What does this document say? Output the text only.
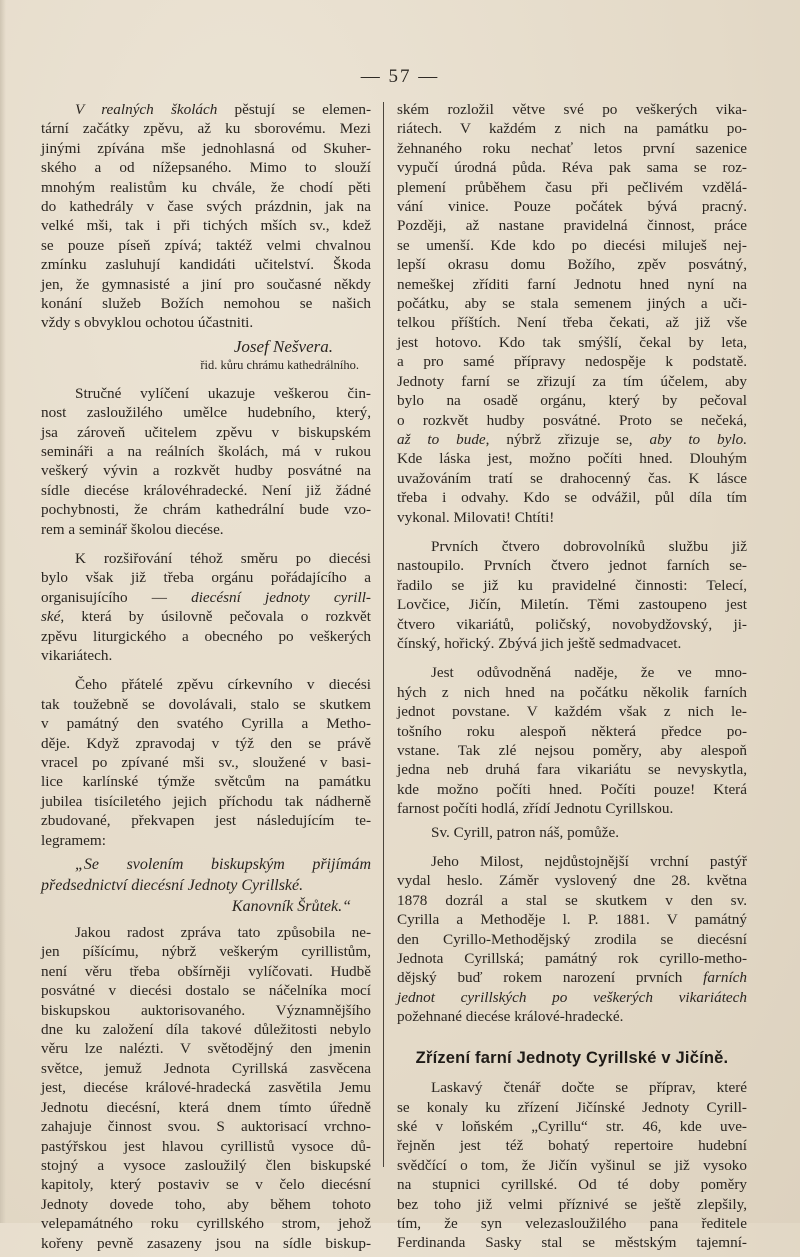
— 57 —

V realných školách pěstují se elemen-
tární začátky zpěvu, až ku sborovému. Mezi
jinými zpívána mše jednohlasná od Skuher-
ského a od nížepsaného. Mimo to slouží
mnohým realistům ku chvále, že chodí pěti
do kathedrály v čase svých prázdnin, jak na
velké mši, tak i při tichých mších sv., kdež
se pouze píseň zpívá; taktéž velmi chvalnou
zmínku zasluhují kandidáti učitelství. Škoda
jen, že gymnasisté a jiní pro současné někdy
konání služeb Božích nemohou se našich
vždy s obvyklou ochotou účastniti.

Josef Nešvera.
řid. kůru chrámu kathedrálního.

Stručné vylíčení ukazuje veškerou čin-
nost zasloužilého umělce hudebního, který,
jsa zároveň učitelem zpěvu v biskupském
semináři a na reálních školách, má v rukou
veškerý vývin a rozkvět hudby posvátné na
sídle diecése královéhradecké. Není již žádné
pochybnosti, že chrám kathedrální bude vzo-
rem a seminář školou diecése.

K rozšiřování téhož směru po diecési
bylo však již třeba orgánu pořádajícího a
organisujícího — diecésní jednoty cyrill-
ské, která by úsilovně pečovala o rozkvět
zpěvu liturgického a obecného po veškerých
vikariátech.

Čeho přátelé zpěvu církevního v diecési
tak toužebně se dovolávali, stalo se skutkem
v památný den svatého Cyrilla a Metho-
děje. Když zpravodaj v týž den se právě
vracel po zpívané mši sv., sloužené v basi-
lice karlínské týmže světcům na památku
jubilea tisíciletého jejich příchodu tak nádherně
zbudované, překvapen jest následujícím te-
legramem:

„Se svolením biskupským přijímám
předsednictví diecésní Jednoty Cyrillské.
Kanovník Šrůtek.“

Jakou radost zpráva tato způsobila ne-
jen píšícímu, nýbrž veškerým cyrillistům,
není věru třeba obšírněji vylíčovati. Hudbě
posvátné v diecési dostalo se náčelníka mocí
biskupskou auktorisovaného. Významnějšího
dne ku založení díla takové důležitosti nebylo
věru lze nalézti. V světodějný den jmenin
světce, jemuž Jednota Cyrillská zasvěcena
jest, diecése králové-hradecká zasvětila Jemu
Jednotu diecésní, která dnem tímto úředně
zahajuje činnost svou. S auktorisací vrchno-
pastýřskou jest hlavou cyrillistů vysoce dů-
stojný a vysoce zasloužilý člen biskupské
kapitoly, který postaviv se v čelo diecésní
Jednoty dovede toho, aby během tohoto
velepamátného roku cyrillského strom, jehož
kořeny pevně zasazeny jsou na sídle biskup-

ském rozložil větve své po veškerých vika-
riátech. V každém z nich na památku po-
žehnaného roku nechať letos první sazenice
vypučí úrodná půda. Réva pak sama se roz-
plemení průběhem času při pečlivém vzdělá-
vání vinice. Pouze počátek bývá pracný.
Později, až nastane pravidelná činnost, práce
se umenší. Kde kdo po diecési miluješ nej-
lepší okrasu domu Božího, zpěv posvátný,
nemeškej zříditi farní Jednotu hned nyní na
počátku, aby se stala semenem jiných a uči-
telkou příštích. Není třeba čekati, až již vše
jest hotovo. Kdo tak smýšlí, čekal by leta,
a pro samé přípravy nedospěje k podstatě.
Jednoty farní se zřizují za tím účelem, aby
bylo na osadě orgánu, který by pečoval
o rozkvět hudby posvátné. Proto se nečeká,
až to bude, nýbrž zřizuje se, aby to bylo.
Kde láska jest, možno počíti hned. Dlouhým
uvažováním tratí se drahocenný čas. K lásce
třeba i odvahy. Kdo se odvážil, půl díla tím
vykonal. Milovati! Chtíti!

Prvních čtvero dobrovolníků službu již
nastoupilo. Prvních čtvero jednot farních se-
řadilo se již ku pravidelné činnosti: Telecí,
Lovčice, Jičín, Miletín. Těmi zastoupeno jest
čtvero vikariátů, poličský, novobydžovský, ji-
čínský, hořický. Zbývá jich ještě sedmadvacet.

Jest odůvodněná naděje, že ve mno-
hých z nich hned na počátku několik farních
jednot povstane. V každém však z nich le-
tošního roku alespoň některá předce po-
vstane. Tak zlé nejsou poměry, aby alespoň
jedna neb druhá fara vikariátu se nevyskytla,
kde možno počíti hned. Počíti pouze! Která
farnost počíti hodlá, zřídí Jednotu Cyrillskou.

Sv. Cyrill, patron náš, pomůže.

Jeho Milost, nejdůstojnější vrchní pastýř
vydal heslo. Záměr vyslovený dne 28. května
1878 dozrál a stal se skutkem v den sv.
Cyrilla a Methoděje l. P. 1881. V památný
den Cyrillo-Methodějský zrodila se diecésní
Jednota Cyrillská; památný rok cyrillo-metho-
dějský buď rokem narození prvních farních
jednot cyrillských po veškerých vikariátech
požehnané diecése králové-hradecké.

Zřízení farní Jednoty Cyrillské v Jičíně.

Laskavý čtenář dočte se příprav, které
se konaly ku zřízení Jičínské Jednoty Cyrill-
ské v loňském „Cyrillu“ str. 46, kde uve-
řejněn jest též bohatý repertoire hudební
svědčící o tom, že Jičín vyšinul se již vysoko
na stupnici cyrillské. Od té doby poměry
bez toho již velmi příznivé se ještě zlepšily,
tím, že syn velezasloužilého pana ředitele
Ferdinanda Sasky stal se městským tajemní-
